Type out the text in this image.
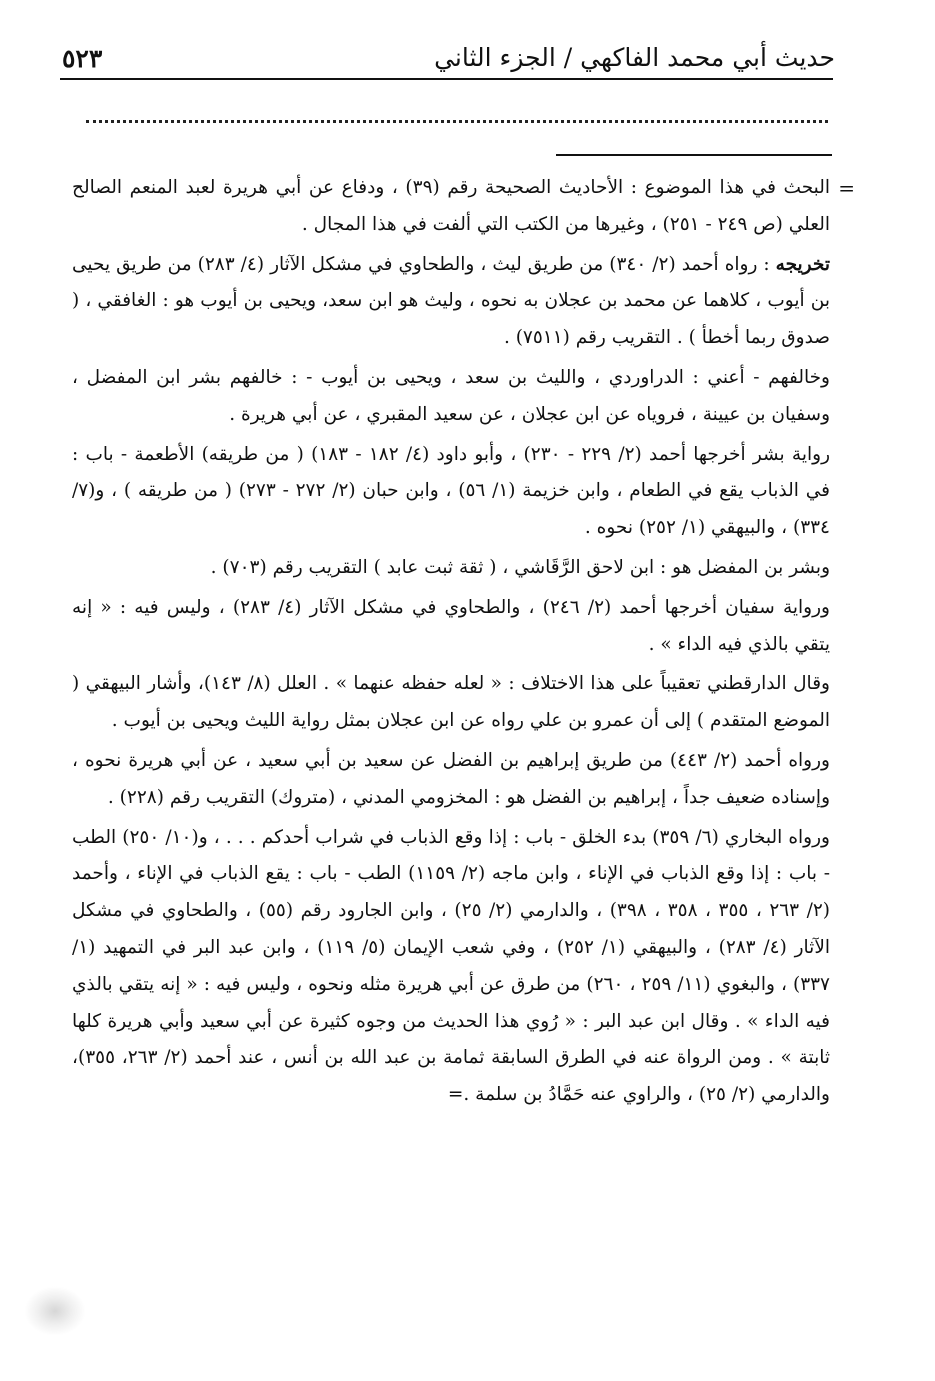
٥٢٣	حديث أبي محمد الفاكهي / الجزء الثاني
=

البحث في هذا الموضوع : الأحاديث الصحيحة رقم (٣٩) ، ودفاع عن أبي هريرة لعبد المنعم الصالح العلي (ص ٢٤٩ - ٢٥١) ، وغيرها من الكتب التي ألفت في هذا المجال .

تخريجه : رواه أحمد (٢/ ٣٤٠) من طريق ليث ، والطحاوي في مشكل الآثار (٤/ ٢٨٣) من طريق يحيى بن أيوب ، كلاهما عن محمد بن عجلان به نحوه ، وليث هو ابن سعد، ويحيى بن أيوب هو : الغافقي ، ( صدوق ربما أخطأ ) . التقريب رقم (٧٥١١) .

وخالفهم - أعني : الدراوردي ، والليث بن سعد ، ويحيى بن أيوب - : خالفهم بشر ابن المفضل ، وسفيان بن عيينة ، فروياه عن ابن عجلان ، عن سعيد المقبري ، عن أبي هريرة .

رواية بشر أخرجها أحمد (٢/ ٢٢٩ - ٢٣٠) ، وأبو داود (٤/ ١٨٢ - ١٨٣) ( من طريقه) الأطعمة - باب : في الذباب يقع في الطعام ، وابن خزيمة (١/ ٥٦) ، وابن حبان (٢/ ٢٧٢ - ٢٧٣) ( من طريقه ) ، و(٧/ ٣٣٤) ، والبيهقي (١/ ٢٥٢) نحوه .

وبشر بن المفضل هو : ابن لاحق الرَّقَاشي ، ( ثقة ثبت عابد ) التقريب رقم (٧٠٣) .

ورواية سفيان أخرجها أحمد (٢/ ٢٤٦) ، والطحاوي في مشكل الآثار (٤/ ٢٨٣) ، وليس فيه : « إنه يتقي بالذي فيه الداء » .

وقال الدارقطني تعقيباً على هذا الاختلاف : « لعله حفظه عنهما » . العلل (٨/ ١٤٣)، وأشار البيهقي ( الموضع المتقدم ) إلى أن عمرو بن علي رواه عن ابن عجلان بمثل رواية الليث ويحيى بن أيوب .

ورواه أحمد (٢/ ٤٤٣) من طريق إبراهيم بن الفضل عن سعيد بن أبي سعيد ، عن أبي هريرة نحوه ، وإسناده ضعيف جداً ، إبراهيم بن الفضل هو : المخزومي المدني ، (متروك) التقريب رقم (٢٢٨) .

ورواه البخاري (٦/ ٣٥٩) بدء الخلق - باب : إذا وقع الذباب في شراب أحدكم . . . ، و(١٠/ ٢٥٠) الطب - باب : إذا وقع الذباب في الإناء ، وابن ماجه (٢/ ١١٥٩) الطب - باب : يقع الذباب في الإناء ، وأحمد (٢/ ٢٦٣ ، ٣٥٥ ، ٣٥٨ ، ٣٩٨) ، والدارمي (٢/ ٢٥) ، وابن الجارود رقم (٥٥) ، والطحاوي في مشكل الآثار (٤/ ٢٨٣) ، والبيهقي (١/ ٢٥٢) ، وفي شعب الإيمان (٥/ ١١٩) ، وابن عبد البر في التمهيد (١/ ٣٣٧) ، والبغوي (١١/ ٢٥٩ ، ٢٦٠) من طرق عن أبي هريرة مثله ونحوه ، وليس فيه : « إنه يتقي بالذي فيه الداء » . وقال ابن عبد البر : « رُوي هذا الحديث من وجوه كثيرة عن أبي سعيد وأبي هريرة كلها ثابتة » . ومن الرواة عنه في الطرق السابقة ثمامة بن عبد الله بن أنس ، عند أحمد (٢/ ٢٦٣، ٣٥٥)، والدارمي (٢/ ٢٥) ، والراوي عنه حَمَّادُ بن سلمة .=
